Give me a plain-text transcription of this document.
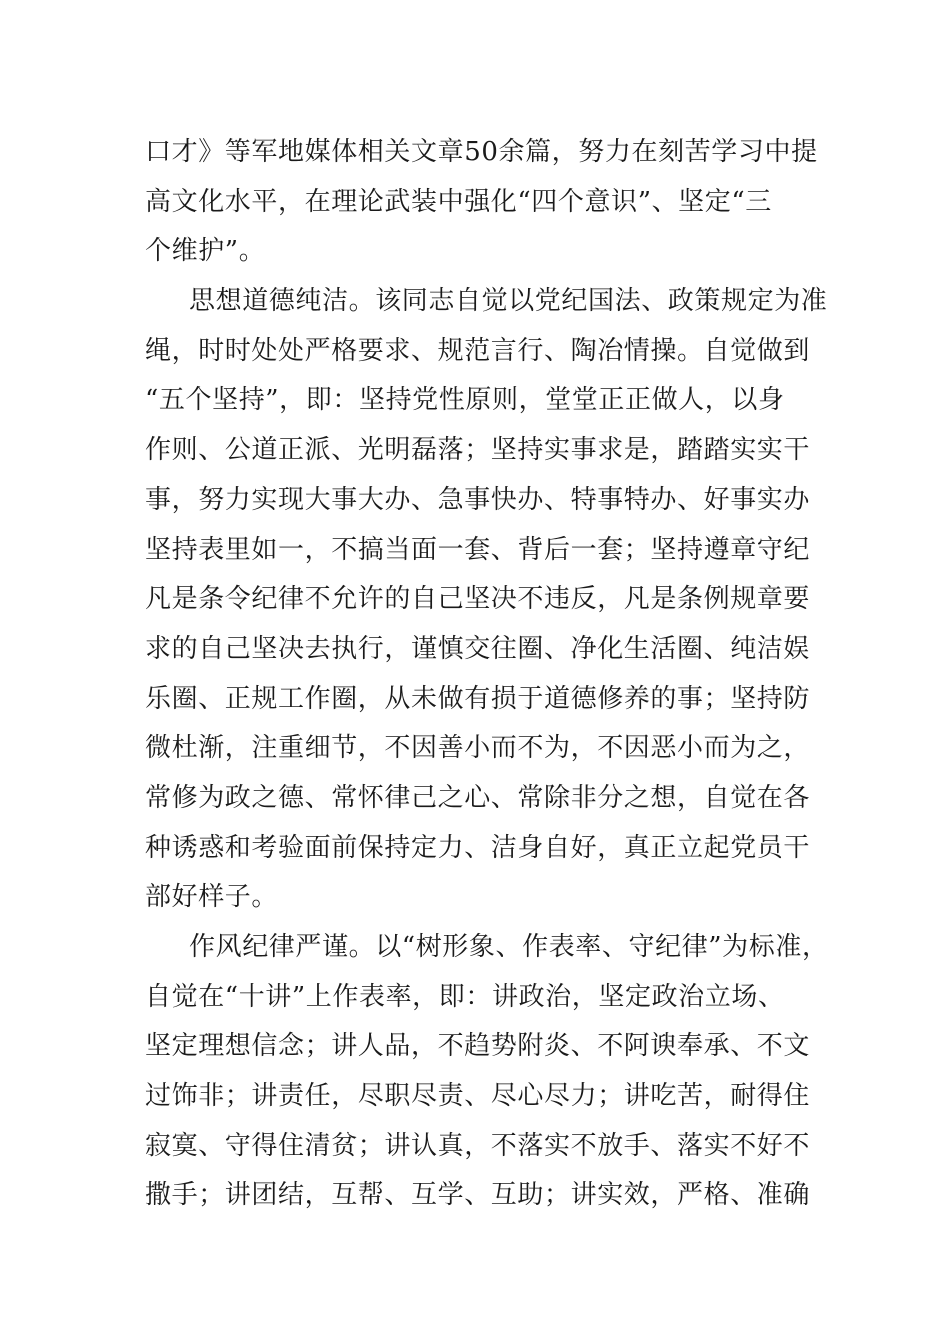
口才》等军地媒体相关文章50余篇，努力在刻苦学习中提
高文化水平，在理论武装中强化“四个意识”、坚定“三
个维护”。
思想道德纯洁。该同志自觉以党纪国法、政策规定为准
绳，时时处处严格要求、规范言行、陶冶情操。自觉做到
“五个坚持”，即：坚持党性原则，堂堂正正做人，以身
作则、公道正派、光明磊落；坚持实事求是，踏踏实实干
事，努力实现大事大办、急事快办、特事特办、好事实办
坚持表里如一，不搞当面一套、背后一套；坚持遵章守纪
凡是条令纪律不允许的自己坚决不违反，凡是条例规章要
求的自己坚决去执行，谨慎交往圈、净化生活圈、纯洁娱
乐圈、正规工作圈，从未做有损于道德修养的事；坚持防
微杜渐，注重细节，不因善小而不为，不因恶小而为之，
常修为政之德、常怀律己之心、常除非分之想，自觉在各
种诱惑和考验面前保持定力、洁身自好，真正立起党员干
部好样子。
作风纪律严谨。以“树形象、作表率、守纪律”为标准，
自觉在“十讲”上作表率，即：讲政治，坚定政治立场、
坚定理想信念；讲人品，不趋势附炎、不阿谀奉承、不文
过饰非；讲责任，尽职尽责、尽心尽力；讲吃苦，耐得住
寂寞、守得住清贫；讲认真，不落实不放手、落实不好不
撒手；讲团结，互帮、互学、互助；讲实效，严格、准确
